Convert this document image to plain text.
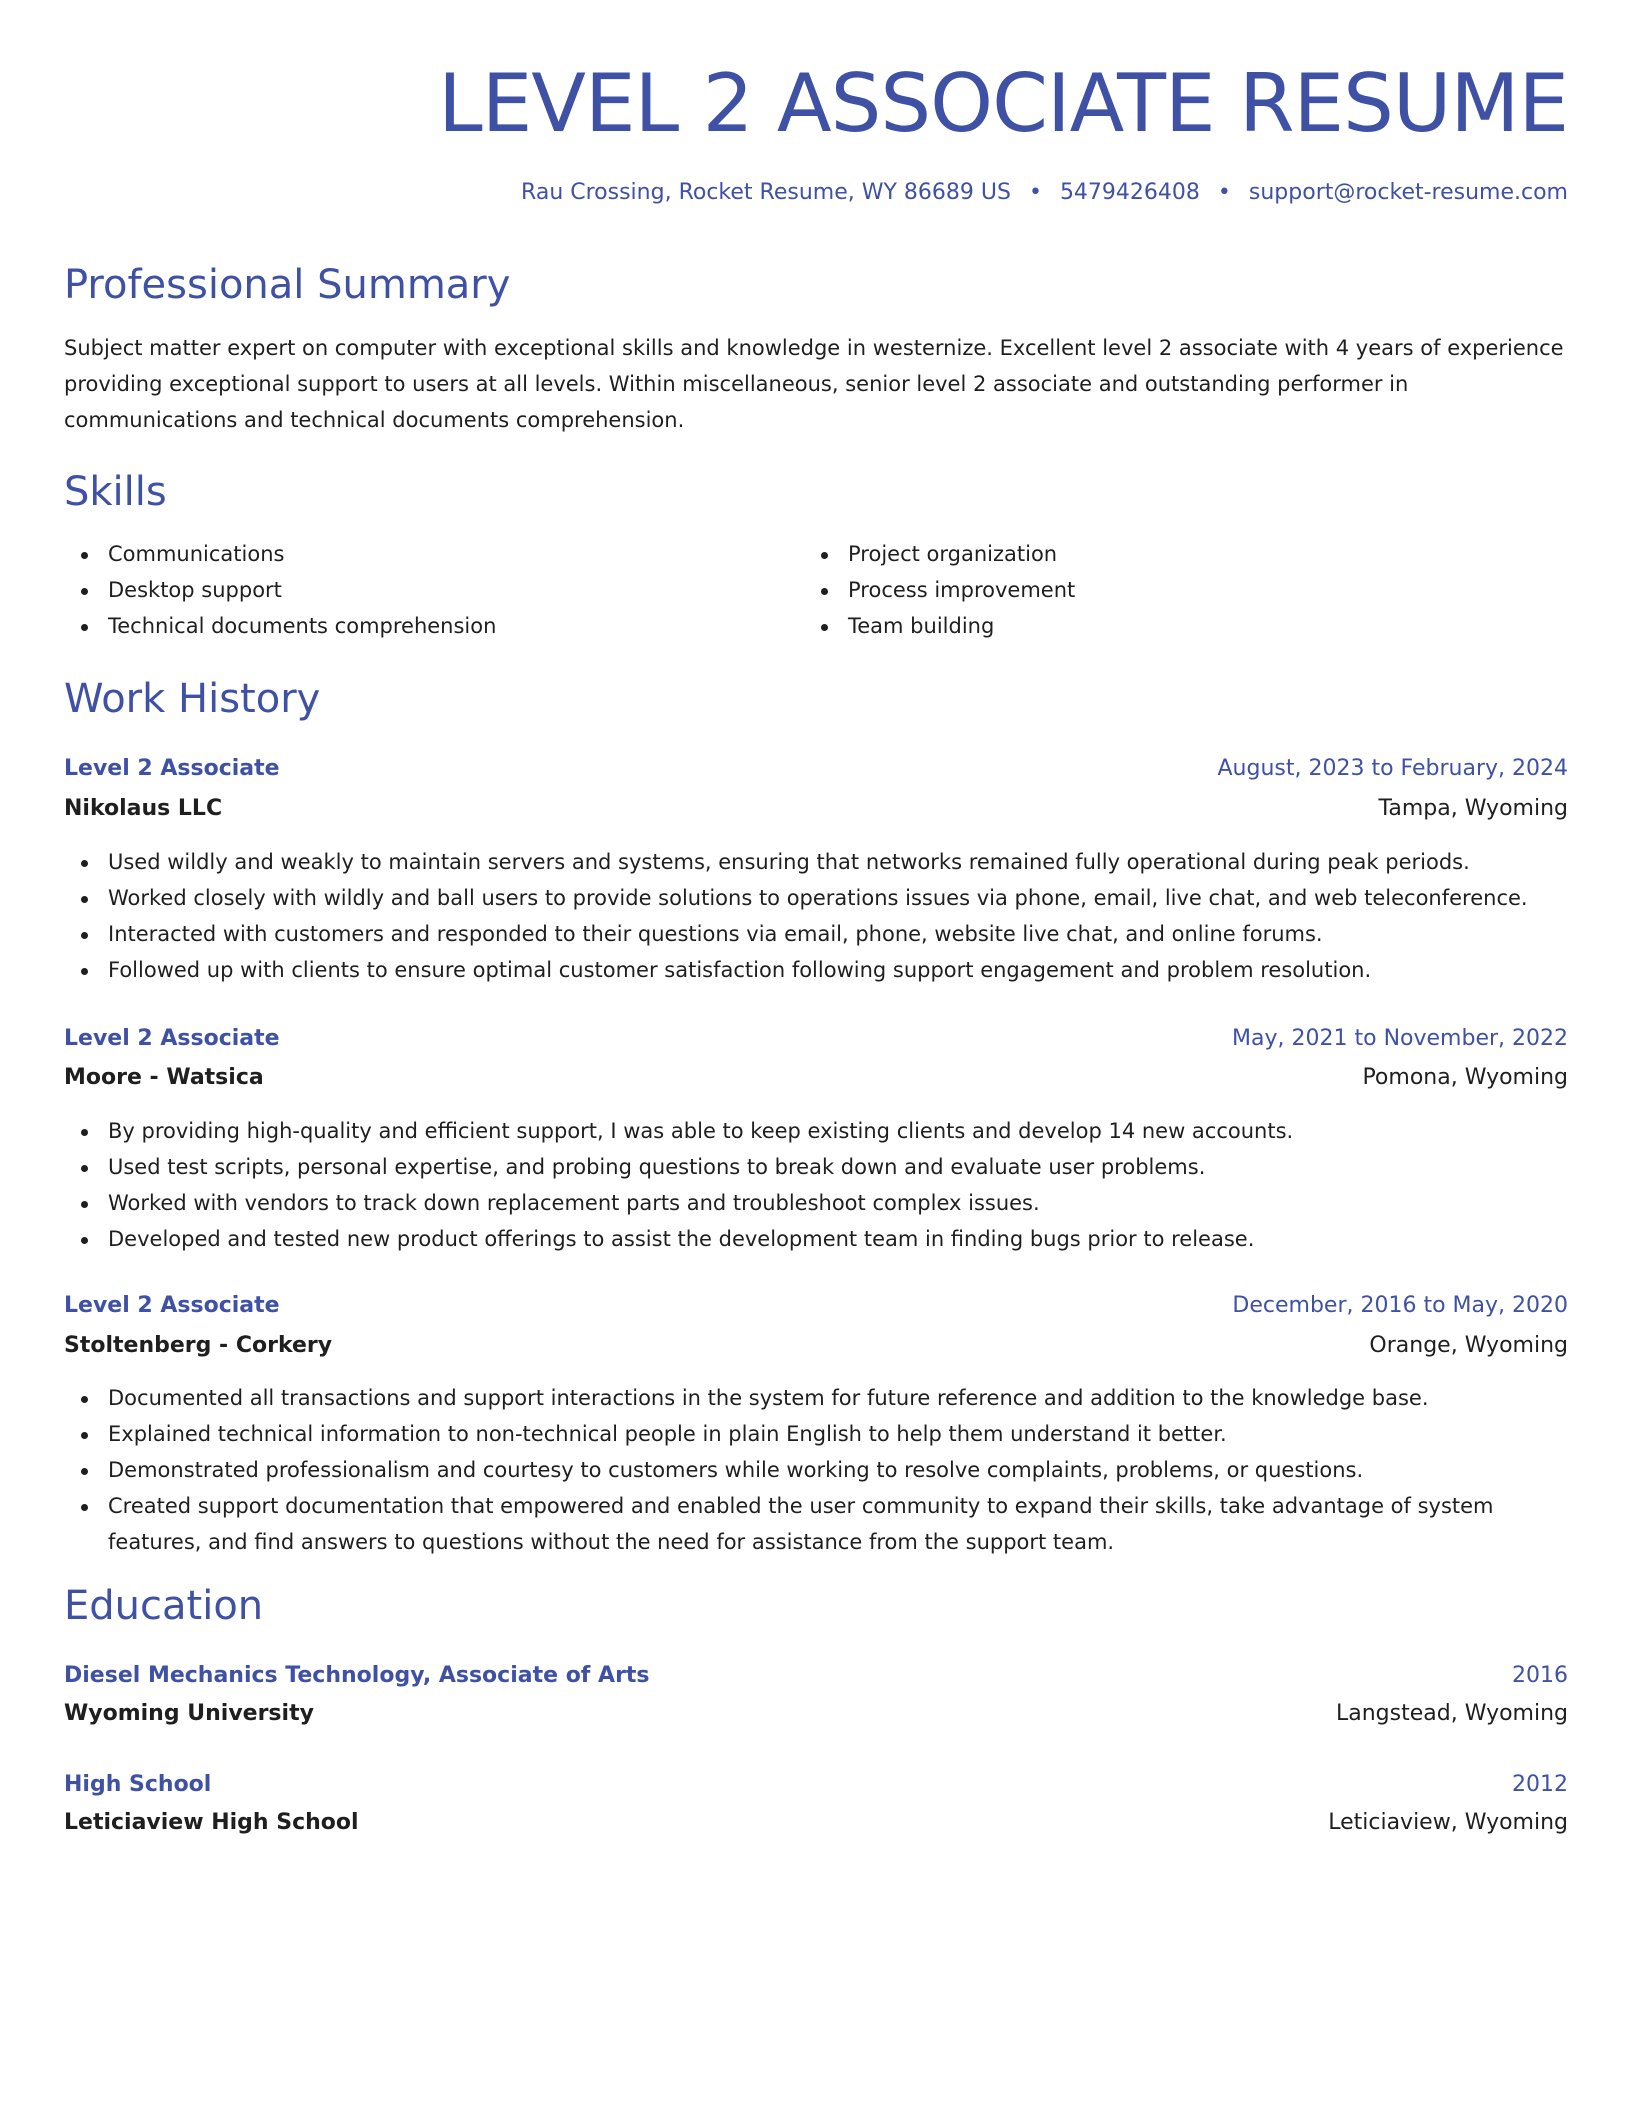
LEVEL 2 ASSOCIATE RESUME
Rau Crossing, Rocket Resume, WY 86689 US • 5479426408 • support@rocket-resume.com
Professional Summary

Subject matter expert on computer with exceptional skills and knowledge in westernize. Excellent level 2 associate with 4 years of experience providing exceptional support to users at all levels. Within miscellaneous, senior level 2 associate and outstanding performer in communications and technical documents comprehension.

Skills
Communications
Desktop support
Technical documents comprehension
Project organization
Process improvement
Team building
Work History
Level 2 Associate	August, 2023 to February, 2024
Nikolaus LLC	Tampa, Wyoming
Used wildly and weakly to maintain servers and systems, ensuring that networks remained fully operational during peak periods.
Worked closely with wildly and ball users to provide solutions to operations issues via phone, email, live chat, and web teleconference.
Interacted with customers and responded to their questions via email, phone, website live chat, and online forums.
Followed up with clients to ensure optimal customer satisfaction following support engagement and problem resolution.
Level 2 Associate	May, 2021 to November, 2022
Moore - Watsica	Pomona, Wyoming
By providing high-quality and efficient support, I was able to keep existing clients and develop 14 new accounts.
Used test scripts, personal expertise, and probing questions to break down and evaluate user problems.
Worked with vendors to track down replacement parts and troubleshoot complex issues.
Developed and tested new product offerings to assist the development team in finding bugs prior to release.
Level 2 Associate	December, 2016 to May, 2020
Stoltenberg - Corkery	Orange, Wyoming
Documented all transactions and support interactions in the system for future reference and addition to the knowledge base.
Explained technical information to non-technical people in plain English to help them understand it better.
Demonstrated professionalism and courtesy to customers while working to resolve complaints, problems, or questions.
Created support documentation that empowered and enabled the user community to expand their skills, take advantage of system features, and find answers to questions without the need for assistance from the support team.
Education
Diesel Mechanics Technology, Associate of Arts	2016
Wyoming University	Langstead, Wyoming
High School	2012
Leticiaview High School	Leticiaview, Wyoming
